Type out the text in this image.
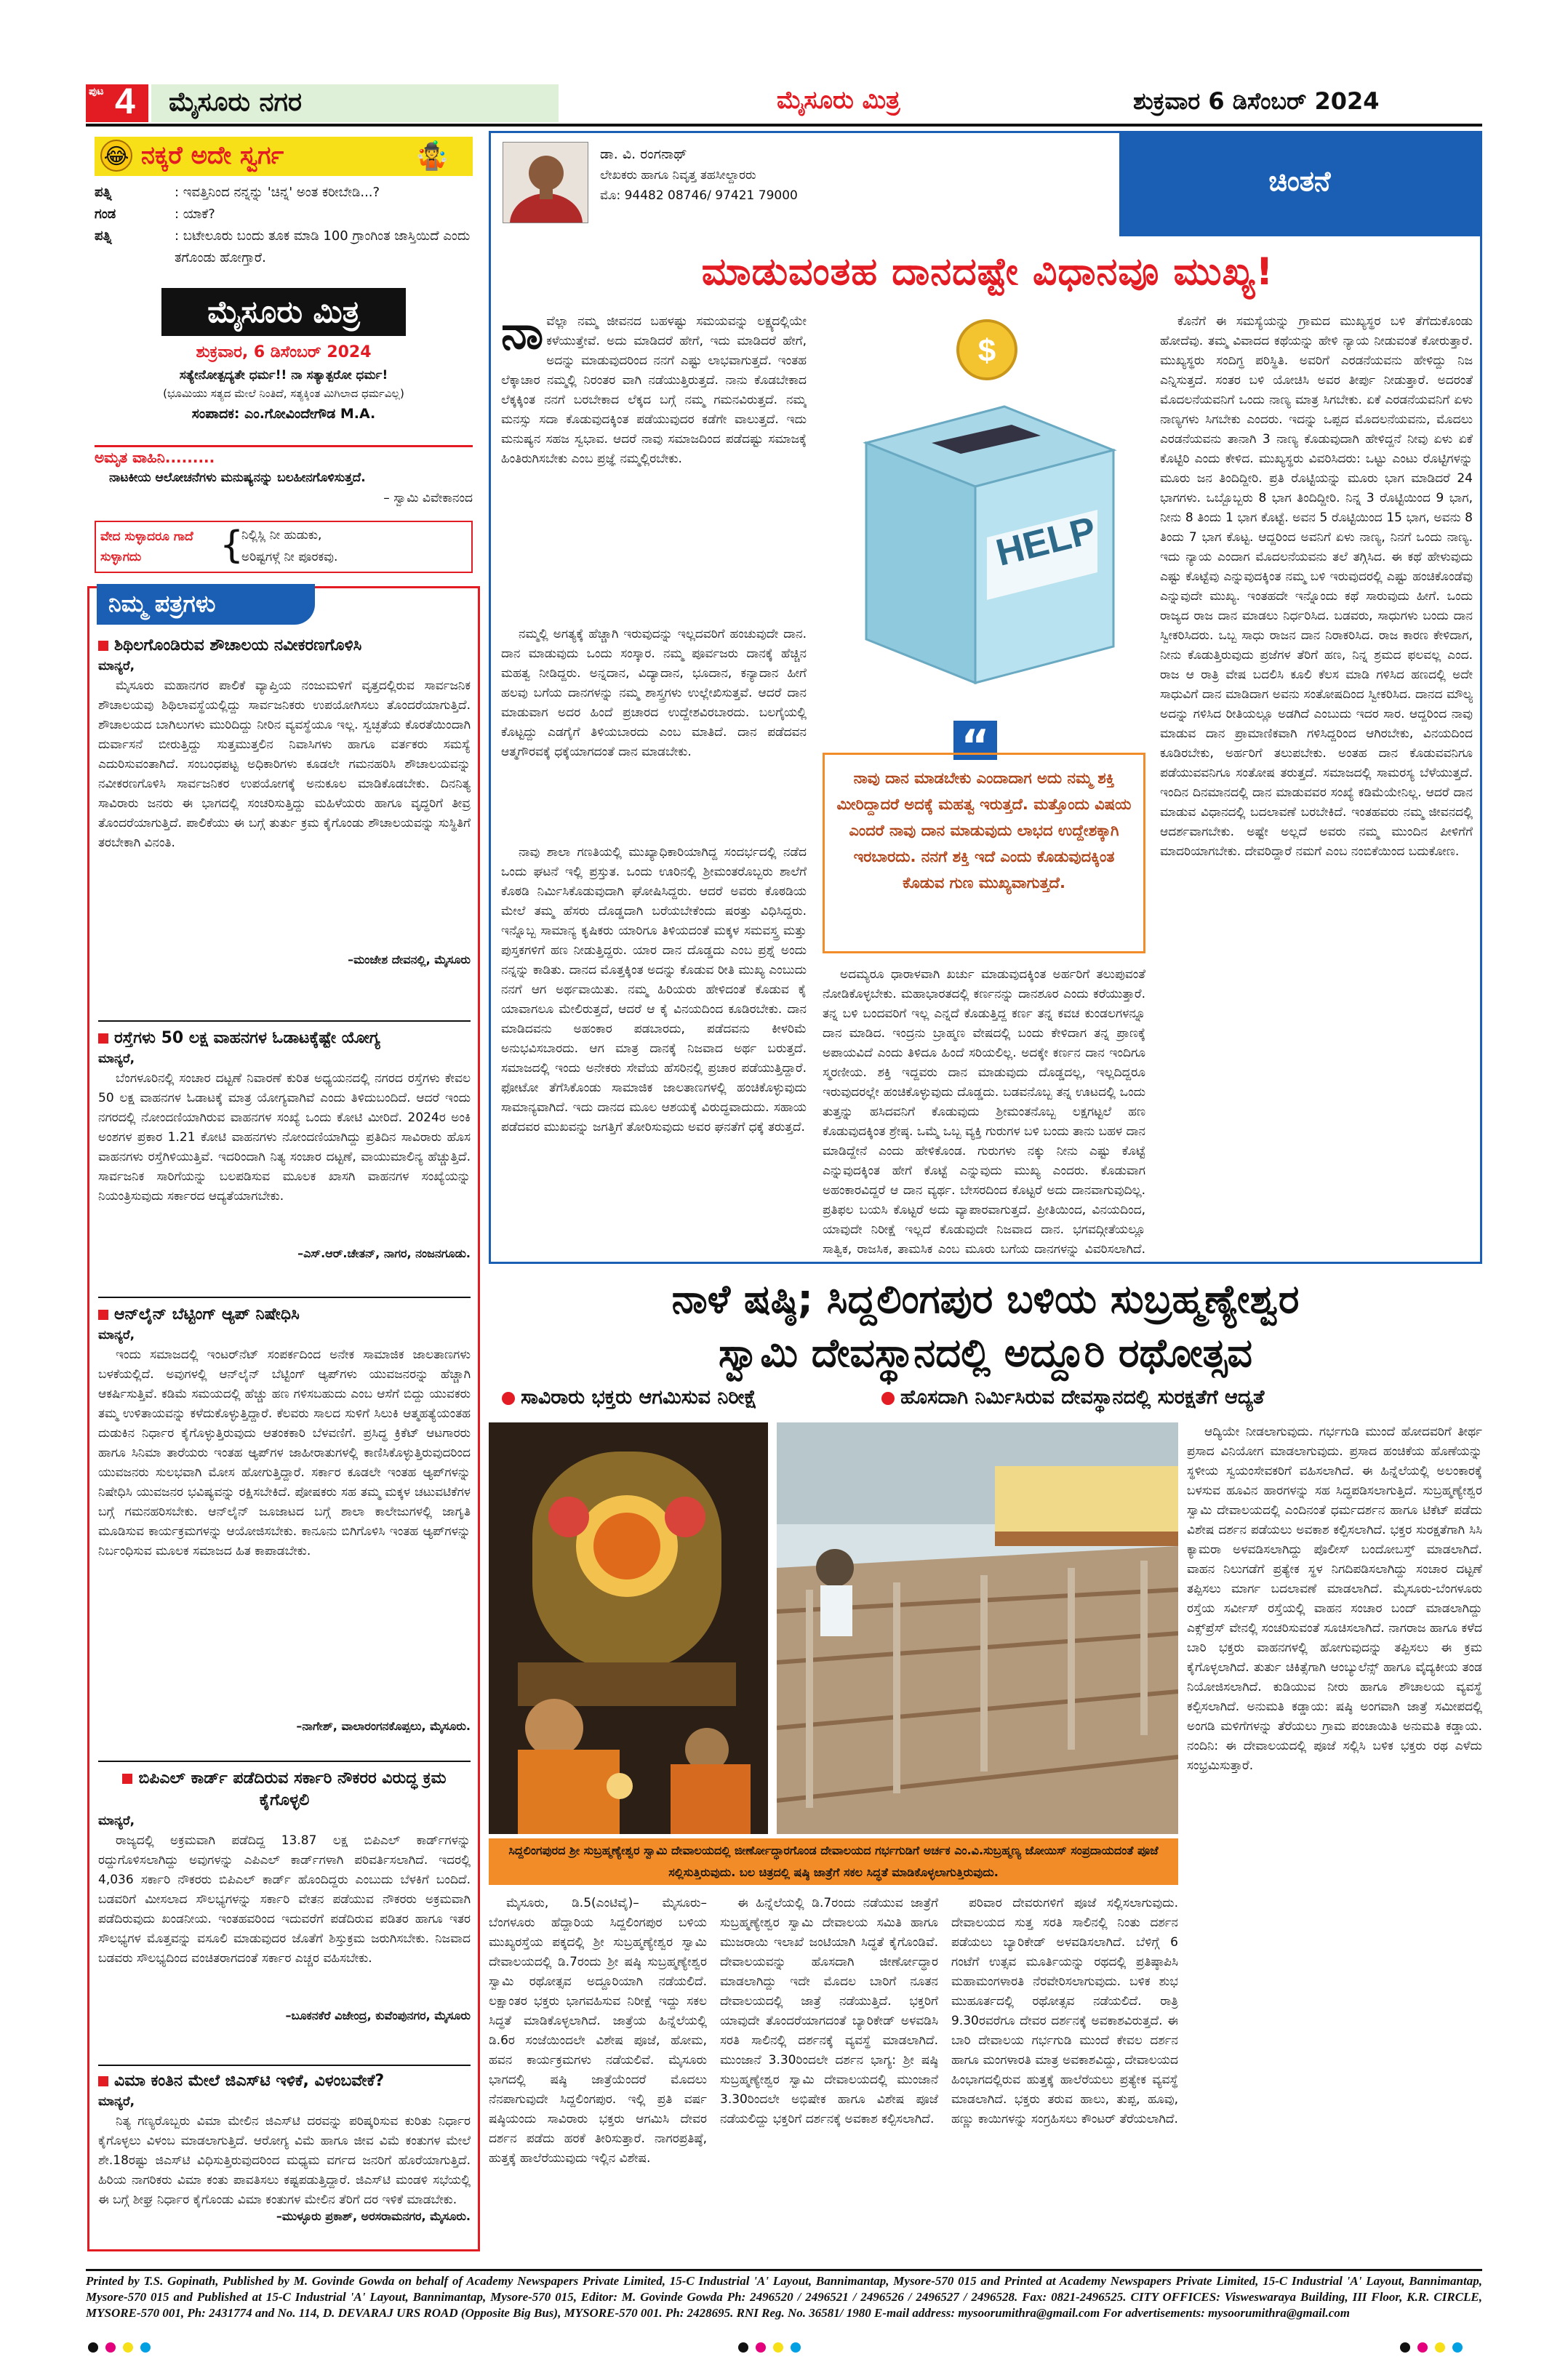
ಪುಟ 4 ಮೈಸೂರು ನಗರ	ಮೈಸೂರು ಮಿತ್ರ	ಶುಕ್ರವಾರ 6 ಡಿಸೆಂಬರ್ 2024
😂 ನಕ್ಕರೆ ಅದೇ ಸ್ವರ್ಗ	🤹
ಪತ್ನಿ	: ಇವತ್ತಿನಿಂದ ನನ್ನನ್ನು 'ಚಿನ್ನ' ಅಂತ ಕರೀಬೇಡಿ...?
ಗಂಡ	: ಯಾಕೆ?
ಪತ್ನಿ	: ಬಟೇಲೂರು ಬಂದು ತೂಕ ಮಾಡಿ 100 ಗ್ರಾಂಗಿಂತ ಜಾಸ್ತಿಯಿದೆ ಎಂದು ತಗೊಂಡು ಹೋಗ್ತಾರೆ.
ಮೈಸೂರು ಮಿತ್ರ
ಶುಕ್ರವಾರ, 6 ಡಿಸೆಂಬರ್ 2024
ಸತ್ಯೇನೋತ್ಪದ್ಯತೇ ಧರ್ಮ!! ನಾ ಸತ್ಯಾತ್ಪರೋ ಧರ್ಮ!
(ಭೂಮಿಯು ಸತ್ಯದ ಮೇಲೆ ನಿಂತಿದೆ, ಸತ್ಯಕ್ಕಿಂತ ಮಿಗಿಲಾದ ಧರ್ಮವಿಲ್ಲ)
ಸಂಪಾದಕ: ಎಂ.ಗೋವಿಂದೇಗೌಡ M.A.
ಅಮೃತ ವಾಹಿನಿ.........
ನಾಟಕೀಯ ಆಲೋಚನೆಗಳು ಮನುಷ್ಯನನ್ನು ಬಲಹೀನಗೊಳಿಸುತ್ತದೆ.
– ಸ್ವಾಮಿ ವಿವೇಕಾನಂದ
ವೇದ ಸುಳ್ಳಾದರೂ ಗಾದೆ ಸುಳ್ಳಾಗದು	{
ನಿಲ್ಲಿಸ್ಲಿ ನೀ ಹುಡುಕು,
ಅರಿಷ್ಟಗಳ್ಗೆ ನೀ ಪೂರಕವು.
ನಿಮ್ಮ ಪತ್ರಗಳು
ಶಿಥಿಲಗೊಂಡಿರುವ ಶೌಚಾಲಯ ನವೀಕರಣಗೊಳಿಸಿ
ಮಾನ್ಯರೆ,
ಮೈಸೂರು ಮಹಾನಗರ ಪಾಲಿಕೆ ವ್ಯಾಪ್ತಿಯ ನಂಜುಮಳಿಗೆ ವೃತ್ತದಲ್ಲಿರುವ ಸಾರ್ವಜನಿಕ ಶೌಚಾಲಯವು ಶಿಥಿಲಾವಸ್ಥೆಯಲ್ಲಿದ್ದು ಸಾರ್ವಜನಿಕರು ಉಪಯೋಗಿಸಲು ತೊಂದರೆಯಾಗುತ್ತಿದೆ. ಶೌಚಾಲಯದ ಬಾಗಿಲುಗಳು ಮುರಿದಿದ್ದು ನೀರಿನ ವ್ಯವಸ್ಥೆಯೂ ಇಲ್ಲ. ಸ್ವಚ್ಛತೆಯ ಕೊರತೆಯಿಂದಾಗಿ ದುರ್ವಾಸನೆ ಬೀರುತ್ತಿದ್ದು ಸುತ್ತಮುತ್ತಲಿನ ನಿವಾಸಿಗಳು ಹಾಗೂ ವರ್ತಕರು ಸಮಸ್ಯೆ ಎದುರಿಸುವಂತಾಗಿದೆ. ಸಂಬಂಧಪಟ್ಟ ಅಧಿಕಾರಿಗಳು ಕೂಡಲೇ ಗಮನಹರಿಸಿ ಶೌಚಾಲಯವನ್ನು ನವೀಕರಣಗೊಳಿಸಿ ಸಾರ್ವಜನಿಕರ ಉಪಯೋಗಕ್ಕೆ ಅನುಕೂಲ ಮಾಡಿಕೊಡಬೇಕು. ದಿನನಿತ್ಯ ಸಾವಿರಾರು ಜನರು ಈ ಭಾಗದಲ್ಲಿ ಸಂಚರಿಸುತ್ತಿದ್ದು ಮಹಿಳೆಯರು ಹಾಗೂ ವೃದ್ಧರಿಗೆ ತೀವ್ರ ತೊಂದರೆಯಾಗುತ್ತಿದೆ. ಪಾಲಿಕೆಯು ಈ ಬಗ್ಗೆ ತುರ್ತು ಕ್ರಮ ಕೈಗೊಂಡು ಶೌಚಾಲಯವನ್ನು ಸುಸ್ಥಿತಿಗೆ ತರಬೇಕಾಗಿ ವಿನಂತಿ.
–ಮಂಜೇಶ ದೇವನಲ್ಲಿ, ಮೈಸೂರು
ರಸ್ತೆಗಳು 50 ಲಕ್ಷ ವಾಹನಗಳ ಓಡಾಟಕ್ಕೆಷ್ಟೇ ಯೋಗ್ಯ
ಮಾನ್ಯರೆ,
ಬೆಂಗಳೂರಿನಲ್ಲಿ ಸಂಚಾರ ದಟ್ಟಣೆ ನಿವಾರಣೆ ಕುರಿತ ಅಧ್ಯಯನದಲ್ಲಿ ನಗರದ ರಸ್ತೆಗಳು ಕೇವಲ 50 ಲಕ್ಷ ವಾಹನಗಳ ಓಡಾಟಕ್ಕೆ ಮಾತ್ರ ಯೋಗ್ಯವಾಗಿವೆ ಎಂದು ತಿಳಿದುಬಂದಿದೆ. ಆದರೆ ಇಂದು ನಗರದಲ್ಲಿ ನೋಂದಣಿಯಾಗಿರುವ ವಾಹನಗಳ ಸಂಖ್ಯೆ ಒಂದು ಕೋಟಿ ಮೀರಿದೆ. 2024ರ ಅಂಕಿ ಅಂಶಗಳ ಪ್ರಕಾರ 1.21 ಕೋಟಿ ವಾಹನಗಳು ನೋಂದಣಿಯಾಗಿದ್ದು ಪ್ರತಿದಿನ ಸಾವಿರಾರು ಹೊಸ ವಾಹನಗಳು ರಸ್ತೆಗಿಳಿಯುತ್ತಿವೆ. ಇದರಿಂದಾಗಿ ನಿತ್ಯ ಸಂಚಾರ ದಟ್ಟಣೆ, ವಾಯುಮಾಲಿನ್ಯ ಹೆಚ್ಚುತ್ತಿದೆ. ಸಾರ್ವಜನಿಕ ಸಾರಿಗೆಯನ್ನು ಬಲಪಡಿಸುವ ಮೂಲಕ ಖಾಸಗಿ ವಾಹನಗಳ ಸಂಖ್ಯೆಯನ್ನು ನಿಯಂತ್ರಿಸುವುದು ಸರ್ಕಾರದ ಆದ್ಯತೆಯಾಗಬೇಕು.
–ಎಸ್.ಆರ್.ಚೇತನ್, ನಾಗರ, ನಂಜನಗೂಡು.
ಆನ್‌ಲೈನ್ ಬೆಟ್ಟಿಂಗ್ ಆ್ಯಪ್ ನಿಷೇಧಿಸಿ
ಮಾನ್ಯರೆ,
ಇಂದು ಸಮಾಜದಲ್ಲಿ ಇಂಟರ್‌ನೆಟ್ ಸಂಪರ್ಕದಿಂದ ಅನೇಕ ಸಾಮಾಜಿಕ ಜಾಲತಾಣಗಳು ಬಳಕೆಯಲ್ಲಿದೆ. ಅವುಗಳಲ್ಲಿ ಆನ್‌ಲೈನ್ ಬೆಟ್ಟಿಂಗ್ ಆ್ಯಪ್‌ಗಳು ಯುವಜನರನ್ನು ಹೆಚ್ಚಾಗಿ ಆಕರ್ಷಿಸುತ್ತಿವೆ. ಕಡಿಮೆ ಸಮಯದಲ್ಲಿ ಹೆಚ್ಚು ಹಣ ಗಳಿಸಬಹುದು ಎಂಬ ಆಸೆಗೆ ಬಿದ್ದು ಯುವಕರು ತಮ್ಮ ಉಳಿತಾಯವನ್ನು ಕಳೆದುಕೊಳ್ಳುತ್ತಿದ್ದಾರೆ. ಕೆಲವರು ಸಾಲದ ಸುಳಿಗೆ ಸಿಲುಕಿ ಆತ್ಮಹತ್ಯೆಯಂತಹ ದುಡುಕಿನ ನಿರ್ಧಾರ ಕೈಗೊಳ್ಳುತ್ತಿರುವುದು ಆತಂಕಕಾರಿ ಬೆಳವಣಿಗೆ. ಪ್ರಸಿದ್ಧ ಕ್ರಿಕೆಟ್ ಆಟಗಾರರು ಹಾಗೂ ಸಿನಿಮಾ ತಾರೆಯರು ಇಂತಹ ಆ್ಯಪ್‌ಗಳ ಜಾಹೀರಾತುಗಳಲ್ಲಿ ಕಾಣಿಸಿಕೊಳ್ಳುತ್ತಿರುವುದರಿಂದ ಯುವಜನರು ಸುಲಭವಾಗಿ ಮೋಸ ಹೋಗುತ್ತಿದ್ದಾರೆ. ಸರ್ಕಾರ ಕೂಡಲೇ ಇಂತಹ ಆ್ಯಪ್‌ಗಳನ್ನು ನಿಷೇಧಿಸಿ ಯುವಜನರ ಭವಿಷ್ಯವನ್ನು ರಕ್ಷಿಸಬೇಕಿದೆ. ಪೋಷಕರು ಸಹ ತಮ್ಮ ಮಕ್ಕಳ ಚಟುವಟಿಕೆಗಳ ಬಗ್ಗೆ ಗಮನಹರಿಸಬೇಕು. ಆನ್‌ಲೈನ್ ಜೂಜಾಟದ ಬಗ್ಗೆ ಶಾಲಾ ಕಾಲೇಜುಗಳಲ್ಲಿ ಜಾಗೃತಿ ಮೂಡಿಸುವ ಕಾರ್ಯಕ್ರಮಗಳನ್ನು ಆಯೋಜಿಸಬೇಕು. ಕಾನೂನು ಬಿಗಿಗೊಳಿಸಿ ಇಂತಹ ಆ್ಯಪ್‌ಗಳನ್ನು ನಿರ್ಬಂಧಿಸುವ ಮೂಲಕ ಸಮಾಜದ ಹಿತ ಕಾಪಾಡಬೇಕು.
–ನಾಗೇಶ್, ವಾಲಾರಂಗನಕೊಪ್ಪಲು, ಮೈಸೂರು.
ಬಿಪಿಎಲ್ ಕಾರ್ಡ್ ಪಡೆದಿರುವ ಸರ್ಕಾರಿ ನೌಕರರ ವಿರುದ್ಧ ಕ್ರಮ ಕೈಗೊಳ್ಳಲಿ
ಮಾನ್ಯರೆ,
ರಾಜ್ಯದಲ್ಲಿ ಅಕ್ರಮವಾಗಿ ಪಡೆದಿದ್ದ 13.87 ಲಕ್ಷ ಬಿಪಿಎಲ್ ಕಾರ್ಡ್‌ಗಳನ್ನು ರದ್ದುಗೊಳಿಸಲಾಗಿದ್ದು ಅವುಗಳನ್ನು ಎಪಿಎಲ್ ಕಾರ್ಡ್‌ಗಳಾಗಿ ಪರಿವರ್ತಿಸಲಾಗಿದೆ. ಇದರಲ್ಲಿ 4,036 ಸರ್ಕಾರಿ ನೌಕರರು ಬಿಪಿಎಲ್ ಕಾರ್ಡ್ ಹೊಂದಿದ್ದರು ಎಂಬುದು ಬೆಳಕಿಗೆ ಬಂದಿದೆ. ಬಡವರಿಗೆ ಮೀಸಲಾದ ಸೌಲಭ್ಯಗಳನ್ನು ಸರ್ಕಾರಿ ವೇತನ ಪಡೆಯುವ ನೌಕರರು ಅಕ್ರಮವಾಗಿ ಪಡೆದಿರುವುದು ಖಂಡನೀಯ. ಇಂತಹವರಿಂದ ಇದುವರೆಗೆ ಪಡೆದಿರುವ ಪಡಿತರ ಹಾಗೂ ಇತರ ಸೌಲಭ್ಯಗಳ ಮೊತ್ತವನ್ನು ವಸೂಲಿ ಮಾಡುವುದರ ಜೊತೆಗೆ ಶಿಸ್ತುಕ್ರಮ ಜರುಗಿಸಬೇಕು. ನಿಜವಾದ ಬಡವರು ಸೌಲಭ್ಯದಿಂದ ವಂಚಿತರಾಗದಂತೆ ಸರ್ಕಾರ ಎಚ್ಚರ ವಹಿಸಬೇಕು.
–ಬೂಕನಕೆರೆ ವಿಜೇಂದ್ರ, ಕುವೆಂಪುನಗರ, ಮೈಸೂರು
ವಿಮಾ ಕಂತಿನ ಮೇಲೆ ಜಿಎಸ್‌ಟಿ ಇಳಿಕೆ, ವಿಳಂಬವೇಕೆ?
ಮಾನ್ಯರೆ,
ನಿತ್ಯ ಗಣ್ಯರೊಬ್ಬರು ವಿಮಾ ಮೇಲಿನ ಜಿಎಸ್‌ಟಿ ದರವನ್ನು ಪರಿಷ್ಕರಿಸುವ ಕುರಿತು ನಿರ್ಧಾರ ಕೈಗೊಳ್ಳಲು ವಿಳಂಬ ಮಾಡಲಾಗುತ್ತಿದೆ. ಆರೋಗ್ಯ ವಿಮೆ ಹಾಗೂ ಜೀವ ವಿಮೆ ಕಂತುಗಳ ಮೇಲೆ ಶೇ.18ರಷ್ಟು ಜಿಎಸ್‌ಟಿ ವಿಧಿಸುತ್ತಿರುವುದರಿಂದ ಮಧ್ಯಮ ವರ್ಗದ ಜನರಿಗೆ ಹೊರೆಯಾಗುತ್ತಿದೆ. ಹಿರಿಯ ನಾಗರಿಕರು ವಿಮಾ ಕಂತು ಪಾವತಿಸಲು ಕಷ್ಟಪಡುತ್ತಿದ್ದಾರೆ. ಜಿಎಸ್‌ಟಿ ಮಂಡಳಿ ಸಭೆಯಲ್ಲಿ ಈ ಬಗ್ಗೆ ಶೀಘ್ರ ನಿರ್ಧಾರ ಕೈಗೊಂಡು ವಿಮಾ ಕಂತುಗಳ ಮೇಲಿನ ತೆರಿಗೆ ದರ ಇಳಿಕೆ ಮಾಡಬೇಕು.
–ಮುಳ್ಳೂರು ಪ್ರಕಾಶ್, ಅರಸರಾಮನಗರ, ಮೈಸೂರು.
ಡಾ. ವಿ. ರಂಗನಾಥ್
ಲೇಖಕರು ಹಾಗೂ ನಿವೃತ್ತ ತಹಸೀಲ್ದಾರರು
ಮೊ: 94482 08746/ 97421 79000	ಚಿಂತನೆ
ಮಾಡುವಂತಹ ದಾನದಷ್ಟೇ ವಿಧಾನವೂ ಮುಖ್ಯ!
ನಾ ವೆಲ್ಲಾ ನಮ್ಮ ಜೀವನದ ಬಹಳಷ್ಟು ಸಮಯವನ್ನು ಲಕ್ಷ್ಯದಲ್ಲಿಯೇ ಕಳೆಯುತ್ತೇವೆ. ಅದು ಮಾಡಿದರೆ ಹೇಗೆ, ಇದು ಮಾಡಿದರೆ ಹೇಗೆ, ಅದನ್ನು ಮಾಡುವುದರಿಂದ ನನಗೆ ಎಷ್ಟು ಲಾಭವಾಗುತ್ತದೆ. ಇಂತಹ ಲೆಕ್ಕಾಚಾರ ನಮ್ಮಲ್ಲಿ ನಿರಂತರ ವಾಗಿ ನಡೆಯುತ್ತಿರುತ್ತದೆ. ನಾನು ಕೊಡಬೇಕಾದ ಲೆಕ್ಕಕ್ಕಿಂತ ನನಗೆ ಬರಬೇಕಾದ ಲೆಕ್ಕದ ಬಗ್ಗೆ ನಮ್ಮ ಗಮನವಿರುತ್ತದೆ. ನಮ್ಮ ಮನಸ್ಸು ಸದಾ ಕೊಡುವುದಕ್ಕಿಂತ ಪಡೆಯುವುದರ ಕಡೆಗೇ ವಾಲುತ್ತದೆ. ಇದು ಮನುಷ್ಯನ ಸಹಜ ಸ್ವಭಾವ. ಆದರೆ ನಾವು ಸಮಾಜದಿಂದ ಪಡೆದಷ್ಟು ಸಮಾಜಕ್ಕೆ ಹಿಂತಿರುಗಿಸಬೇಕು ಎಂಬ ಪ್ರಜ್ಞೆ ನಮ್ಮಲ್ಲಿರಬೇಕು.
ನಮ್ಮಲ್ಲಿ ಅಗತ್ಯಕ್ಕೆ ಹೆಚ್ಚಾಗಿ ಇರುವುದನ್ನು ಇಲ್ಲದವರಿಗೆ ಹಂಚುವುದೇ ದಾನ. ದಾನ ಮಾಡುವುದು ಒಂದು ಸಂಸ್ಕಾರ. ನಮ್ಮ ಪೂರ್ವಜರು ದಾನಕ್ಕೆ ಹೆಚ್ಚಿನ ಮಹತ್ವ ನೀಡಿದ್ದರು. ಅನ್ನದಾನ, ವಿದ್ಯಾದಾನ, ಭೂದಾನ, ಕನ್ಯಾದಾನ ಹೀಗೆ ಹಲವು ಬಗೆಯ ದಾನಗಳನ್ನು ನಮ್ಮ ಶಾಸ್ತ್ರಗಳು ಉಲ್ಲೇಖಿಸುತ್ತವೆ. ಆದರೆ ದಾನ ಮಾಡುವಾಗ ಅದರ ಹಿಂದೆ ಪ್ರಚಾರದ ಉದ್ದೇಶವಿರಬಾರದು. ಬಲಗೈಯಲ್ಲಿ ಕೊಟ್ಟದ್ದು ಎಡಗೈಗೆ ತಿಳಿಯಬಾರದು ಎಂಬ ಮಾತಿದೆ. ದಾನ ಪಡೆದವನ ಆತ್ಮಗೌರವಕ್ಕೆ ಧಕ್ಕೆಯಾಗದಂತೆ ದಾನ ಮಾಡಬೇಕು.
ನಾವು ಶಾಲಾ ಗಣತಿಯಲ್ಲಿ ಮುಖ್ಯಾಧಿಕಾರಿಯಾಗಿದ್ದ ಸಂದರ್ಭದಲ್ಲಿ ನಡೆದ ಒಂದು ಘಟನೆ ಇಲ್ಲಿ ಪ್ರಸ್ತುತ. ಒಂದು ಊರಿನಲ್ಲಿ ಶ್ರೀಮಂತರೊಬ್ಬರು ಶಾಲೆಗೆ ಕೊಠಡಿ ನಿರ್ಮಿಸಿಕೊಡುವುದಾಗಿ ಘೋಷಿಸಿದ್ದರು. ಆದರೆ ಅವರು ಕೊಠಡಿಯ ಮೇಲೆ ತಮ್ಮ ಹೆಸರು ದೊಡ್ಡದಾಗಿ ಬರೆಯಬೇಕೆಂದು ಷರತ್ತು ವಿಧಿಸಿದ್ದರು. ಇನ್ನೊಬ್ಬ ಸಾಮಾನ್ಯ ಕೃಷಿಕರು ಯಾರಿಗೂ ತಿಳಿಯದಂತೆ ಮಕ್ಕಳ ಸಮವಸ್ತ್ರ ಮತ್ತು ಪುಸ್ತಕಗಳಿಗೆ ಹಣ ನೀಡುತ್ತಿದ್ದರು. ಯಾರ ದಾನ ದೊಡ್ಡದು ಎಂಬ ಪ್ರಶ್ನೆ ಅಂದು ನನ್ನನ್ನು ಕಾಡಿತು. ದಾನದ ಮೊತ್ತಕ್ಕಿಂತ ಅದನ್ನು ಕೊಡುವ ರೀತಿ ಮುಖ್ಯ ಎಂಬುದು ನನಗೆ ಆಗ ಅರ್ಥವಾಯಿತು. ನಮ್ಮ ಹಿರಿಯರು ಹೇಳಿದಂತೆ ಕೊಡುವ ಕೈ ಯಾವಾಗಲೂ ಮೇಲಿರುತ್ತದೆ, ಆದರೆ ಆ ಕೈ ವಿನಯದಿಂದ ಕೂಡಿರಬೇಕು. ದಾನ ಮಾಡಿದವನು ಅಹಂಕಾರ ಪಡಬಾರದು, ಪಡೆದವನು ಕೀಳರಿಮೆ ಅನುಭವಿಸಬಾರದು. ಆಗ ಮಾತ್ರ ದಾನಕ್ಕೆ ನಿಜವಾದ ಅರ್ಥ ಬರುತ್ತದೆ. ಸಮಾಜದಲ್ಲಿ ಇಂದು ಅನೇಕರು ಸೇವೆಯ ಹೆಸರಿನಲ್ಲಿ ಪ್ರಚಾರ ಪಡೆಯುತ್ತಿದ್ದಾರೆ. ಫೋಟೋ ತೆಗೆಸಿಕೊಂಡು ಸಾಮಾಜಿಕ ಜಾಲತಾಣಗಳಲ್ಲಿ ಹಂಚಿಕೊಳ್ಳುವುದು ಸಾಮಾನ್ಯವಾಗಿದೆ. ಇದು ದಾನದ ಮೂಲ ಆಶಯಕ್ಕೆ ವಿರುದ್ಧವಾದುದು. ಸಹಾಯ ಪಡೆದವರ ಮುಖವನ್ನು ಜಗತ್ತಿಗೆ ತೋರಿಸುವುದು ಅವರ ಘನತೆಗೆ ಧಕ್ಕೆ ತರುತ್ತದೆ.
$
HELP
“
ನಾವು ದಾನ ಮಾಡಬೇಕು ಎಂದಾದಾಗ ಅದು ನಮ್ಮ ಶಕ್ತಿ ಮೀರಿದ್ದಾದರೆ ಅದಕ್ಕೆ ಮಹತ್ವ ಇರುತ್ತದೆ. ಮತ್ತೊಂದು ವಿಷಯ ಎಂದರೆ ನಾವು ದಾನ ಮಾಡುವುದು ಲಾಭದ ಉದ್ದೇಶಕ್ಕಾಗಿ ಇರಬಾರದು. ನನಗೆ ಶಕ್ತಿ ಇದೆ ಎಂದು ಕೊಡುವುದಕ್ಕಿಂತ ಕೊಡುವ ಗುಣ ಮುಖ್ಯವಾಗುತ್ತದೆ.
ಅದಮ್ಯರೂ ಧಾರಾಳವಾಗಿ ಖರ್ಚು ಮಾಡುವುದಕ್ಕಿಂತ ಅರ್ಹರಿಗೆ ತಲುಪುವಂತೆ ನೋಡಿಕೊಳ್ಳಬೇಕು. ಮಹಾಭಾರತದಲ್ಲಿ ಕರ್ಣನನ್ನು ದಾನಶೂರ ಎಂದು ಕರೆಯುತ್ತಾರೆ. ತನ್ನ ಬಳಿ ಬಂದವರಿಗೆ ಇಲ್ಲ ಎನ್ನದೆ ಕೊಡುತ್ತಿದ್ದ ಕರ್ಣ ತನ್ನ ಕವಚ ಕುಂಡಲಗಳನ್ನೂ ದಾನ ಮಾಡಿದ. ಇಂದ್ರನು ಬ್ರಾಹ್ಮಣ ವೇಷದಲ್ಲಿ ಬಂದು ಕೇಳಿದಾಗ ತನ್ನ ಪ್ರಾಣಕ್ಕೆ ಅಪಾಯವಿದೆ ಎಂದು ತಿಳಿದೂ ಹಿಂದೆ ಸರಿಯಲಿಲ್ಲ. ಅದಕ್ಕೇ ಕರ್ಣನ ದಾನ ಇಂದಿಗೂ ಸ್ಮರಣೀಯ. ಶಕ್ತಿ ಇದ್ದವರು ದಾನ ಮಾಡುವುದು ದೊಡ್ಡದಲ್ಲ, ಇಲ್ಲದಿದ್ದರೂ ಇರುವುದರಲ್ಲೇ ಹಂಚಿಕೊಳ್ಳುವುದು ದೊಡ್ಡದು. ಬಡವನೊಬ್ಬ ತನ್ನ ಊಟದಲ್ಲಿ ಒಂದು ತುತ್ತನ್ನು ಹಸಿದವನಿಗೆ ಕೊಡುವುದು ಶ್ರೀಮಂತನೊಬ್ಬ ಲಕ್ಷಗಟ್ಟಲೆ ಹಣ ಕೊಡುವುದಕ್ಕಿಂತ ಶ್ರೇಷ್ಠ. ಒಮ್ಮೆ ಒಬ್ಬ ವ್ಯಕ್ತಿ ಗುರುಗಳ ಬಳಿ ಬಂದು ತಾನು ಬಹಳ ದಾನ ಮಾಡಿದ್ದೇನೆ ಎಂದು ಹೇಳಿಕೊಂಡ. ಗುರುಗಳು ನಕ್ಕು ನೀನು ಎಷ್ಟು ಕೊಟ್ಟೆ ಎನ್ನುವುದಕ್ಕಿಂತ ಹೇಗೆ ಕೊಟ್ಟೆ ಎನ್ನುವುದು ಮುಖ್ಯ ಎಂದರು. ಕೊಡುವಾಗ ಅಹಂಕಾರವಿದ್ದರೆ ಆ ದಾನ ವ್ಯರ್ಥ. ಬೇಸರದಿಂದ ಕೊಟ್ಟರೆ ಅದು ದಾನವಾಗುವುದಿಲ್ಲ. ಪ್ರತಿಫಲ ಬಯಸಿ ಕೊಟ್ಟರೆ ಅದು ವ್ಯಾಪಾರವಾಗುತ್ತದೆ. ಪ್ರೀತಿಯಿಂದ, ವಿನಯದಿಂದ, ಯಾವುದೇ ನಿರೀಕ್ಷೆ ಇಲ್ಲದೆ ಕೊಡುವುದೇ ನಿಜವಾದ ದಾನ. ಭಗವದ್ಗೀತೆಯಲ್ಲೂ ಸಾತ್ವಿಕ, ರಾಜಸಿಕ, ತಾಮಸಿಕ ಎಂಬ ಮೂರು ಬಗೆಯ ದಾನಗಳನ್ನು ವಿವರಿಸಲಾಗಿದೆ.
ಕೊನೆಗೆ ಈ ಸಮಸ್ಯೆಯನ್ನು ಗ್ರಾಮದ ಮುಖ್ಯಸ್ಥರ ಬಳಿ ತೆಗೆದುಕೊಂಡು ಹೋದೆವು. ತಮ್ಮ ವಿವಾದದ ಕಥೆಯನ್ನು ಹೇಳಿ ನ್ಯಾಯ ನೀಡುವಂತೆ ಕೋರುತ್ತಾರೆ. ಮುಖ್ಯಸ್ಥರು ಸಂದಿಗ್ಧ ಪರಿಸ್ಥಿತಿ. ಅವರಿಗೆ ಎರಡನೆಯವನು ಹೇಳಿದ್ದು ನಿಜ ಎನ್ನಿಸುತ್ತದೆ. ಸಂತರ ಬಳಿ ಯೋಚಿಸಿ ಅವರ ತೀರ್ಪು ನೀಡುತ್ತಾರೆ. ಅದರಂತೆ ಮೊದಲನೆಯವನಿಗೆ ಒಂದು ನಾಣ್ಯ ಮಾತ್ರ ಸಿಗಬೇಕು. ಏಕೆ ಎರಡನೆಯವನಿಗೆ ಏಳು ನಾಣ್ಯಗಳು ಸಿಗಬೇಕು ಎಂದರು. ಇದನ್ನು ಒಪ್ಪದ ಮೊದಲನೆಯವನು, ಮೊದಲು ಎರಡನೆಯವನು ತಾನಾಗಿ 3 ನಾಣ್ಯ ಕೊಡುವುದಾಗಿ ಹೇಳಿದ್ದನೆ ನೀವು ಏಳು ಏಕೆ ಕೊಟ್ಟಿರಿ ಎಂದು ಕೇಳಿದ. ಮುಖ್ಯಸ್ಥರು ವಿವರಿಸಿದರು: ಒಟ್ಟು ಎಂಟು ರೊಟ್ಟಿಗಳನ್ನು ಮೂರು ಜನ ತಿಂದಿದ್ದೀರಿ. ಪ್ರತಿ ರೊಟ್ಟಿಯನ್ನು ಮೂರು ಭಾಗ ಮಾಡಿದರೆ 24 ಭಾಗಗಳು. ಒಬ್ಬೊಬ್ಬರು 8 ಭಾಗ ತಿಂದಿದ್ದೀರಿ. ನಿನ್ನ 3 ರೊಟ್ಟಿಯಿಂದ 9 ಭಾಗ, ನೀನು 8 ತಿಂದು 1 ಭಾಗ ಕೊಟ್ಟೆ. ಅವನ 5 ರೊಟ್ಟಿಯಿಂದ 15 ಭಾಗ, ಅವನು 8 ತಿಂದು 7 ಭಾಗ ಕೊಟ್ಟ. ಆದ್ದರಿಂದ ಅವನಿಗೆ ಏಳು ನಾಣ್ಯ, ನಿನಗೆ ಒಂದು ನಾಣ್ಯ. ಇದು ನ್ಯಾಯ ಎಂದಾಗ ಮೊದಲನೆಯವನು ತಲೆ ತಗ್ಗಿಸಿದ. ಈ ಕಥೆ ಹೇಳುವುದು ಎಷ್ಟು ಕೊಟ್ಟೆವು ಎನ್ನುವುದಕ್ಕಿಂತ ನಮ್ಮ ಬಳಿ ಇರುವುದರಲ್ಲಿ ಎಷ್ಟು ಹಂಚಿಕೊಂಡೆವು ಎನ್ನುವುದೇ ಮುಖ್ಯ. ಇಂತಹದೇ ಇನ್ನೊಂದು ಕಥೆ ಸಾರುವುದು ಹೀಗೆ. ಒಂದು ರಾಜ್ಯದ ರಾಜ ದಾನ ಮಾಡಲು ನಿರ್ಧರಿಸಿದ. ಬಡವರು, ಸಾಧುಗಳು ಬಂದು ದಾನ ಸ್ವೀಕರಿಸಿದರು. ಒಬ್ಬ ಸಾಧು ರಾಜನ ದಾನ ನಿರಾಕರಿಸಿದ. ರಾಜ ಕಾರಣ ಕೇಳಿದಾಗ, ನೀನು ಕೊಡುತ್ತಿರುವುದು ಪ್ರಜೆಗಳ ತೆರಿಗೆ ಹಣ, ನಿನ್ನ ಶ್ರಮದ ಫಲವಲ್ಲ ಎಂದ. ರಾಜ ಆ ರಾತ್ರಿ ವೇಷ ಬದಲಿಸಿ ಕೂಲಿ ಕೆಲಸ ಮಾಡಿ ಗಳಿಸಿದ ಹಣದಲ್ಲಿ ಅದೇ ಸಾಧುವಿಗೆ ದಾನ ಮಾಡಿದಾಗ ಅವನು ಸಂತೋಷದಿಂದ ಸ್ವೀಕರಿಸಿದ. ದಾನದ ಮೌಲ್ಯ ಅದನ್ನು ಗಳಿಸಿದ ರೀತಿಯಲ್ಲೂ ಅಡಗಿದೆ ಎಂಬುದು ಇದರ ಸಾರ. ಆದ್ದರಿಂದ ನಾವು ಮಾಡುವ ದಾನ ಪ್ರಾಮಾಣಿಕವಾಗಿ ಗಳಿಸಿದ್ದರಿಂದ ಆಗಿರಬೇಕು, ವಿನಯದಿಂದ ಕೂಡಿರಬೇಕು, ಅರ್ಹರಿಗೆ ತಲುಪಬೇಕು. ಅಂತಹ ದಾನ ಕೊಡುವವನಿಗೂ ಪಡೆಯುವವನಿಗೂ ಸಂತೋಷ ತರುತ್ತದೆ. ಸಮಾಜದಲ್ಲಿ ಸಾಮರಸ್ಯ ಬೆಳೆಯುತ್ತದೆ. ಇಂದಿನ ದಿನಮಾನದಲ್ಲಿ ದಾನ ಮಾಡುವವರ ಸಂಖ್ಯೆ ಕಡಿಮೆಯೇನಿಲ್ಲ. ಆದರೆ ದಾನ ಮಾಡುವ ವಿಧಾನದಲ್ಲಿ ಬದಲಾವಣೆ ಬರಬೇಕಿದೆ. ಇಂತಹವರು ನಮ್ಮ ಜೀವನದಲ್ಲಿ ಆದರ್ಶವಾಗಬೇಕು. ಅಷ್ಟೇ ಅಲ್ಲದೆ ಅವರು ನಮ್ಮ ಮುಂದಿನ ಪೀಳಿಗೆಗೆ ಮಾದರಿಯಾಗಬೇಕು. ದೇವರಿದ್ದಾರೆ ನಮಗೆ ಎಂಬ ನಂಬಿಕೆಯಿಂದ ಬದುಕೋಣ.
ನಾಳೆ ಷಷ್ಠಿ; ಸಿದ್ದಲಿಂಗಪುರ ಬಳಿಯ ಸುಬ್ರಹ್ಮಣ್ಯೇಶ್ವರ
ಸ್ವಾಮಿ ದೇವಸ್ಥಾನದಲ್ಲಿ ಅದ್ದೂರಿ ರಥೋತ್ಸವ
ಸಾವಿರಾರು ಭಕ್ತರು ಆಗಮಿಸುವ ನಿರೀಕ್ಷೆ	ಹೊಸದಾಗಿ ನಿರ್ಮಿಸಿರುವ ದೇವಸ್ಥಾನದಲ್ಲಿ ಸುರಕ್ಷತೆಗೆ ಆದ್ಯತೆ
ಸಿದ್ದಲಿಂಗಪುರದ ಶ್ರೀ ಸುಬ್ರಹ್ಮಣ್ಯೇಶ್ವರ ಸ್ವಾಮಿ ದೇವಾಲಯದಲ್ಲಿ ಜೀರ್ಣೋದ್ಧಾರಗೊಂಡ ದೇವಾಲಯದ ಗರ್ಭಗುಡಿಗೆ ಅರ್ಚಕ ಎಂ.ವಿ.ಸುಬ್ರಹ್ಮಣ್ಯ ಜೋಯಿಸ್ ಸಂಪ್ರದಾಯದಂತೆ ಪೂಜೆ ಸಲ್ಲಿಸುತ್ತಿರುವುದು. ಬಲ ಚಿತ್ರದಲ್ಲಿ ಷಷ್ಠಿ ಜಾತ್ರೆಗೆ ಸಕಲ ಸಿದ್ಧತೆ ಮಾಡಿಕೊಳ್ಳಲಾಗುತ್ತಿರುವುದು.
ಆದ್ಯಿಯೇ ನೀಡಲಾಗುವುದು. ಗರ್ಭಗುಡಿ ಮುಂದೆ ಹೋದವರಿಗೆ ತೀರ್ಥ ಪ್ರಸಾದ ವಿನಿಯೋಗ ಮಾಡಲಾಗುವುದು. ಪ್ರಸಾದ ಹಂಚಿಕೆಯ ಹೊಣೆಯನ್ನು ಸ್ಥಳೀಯ ಸ್ವಯಂಸೇವಕರಿಗೆ ವಹಿಸಲಾಗಿದೆ. ಈ ಹಿನ್ನೆಲೆಯಲ್ಲಿ ಅಲಂಕಾರಕ್ಕೆ ಬಳಸುವ ಹೂವಿನ ಹಾರಗಳನ್ನು ಸಹ ಸಿದ್ಧಪಡಿಸಲಾಗುತ್ತಿದೆ. ಸುಬ್ರಹ್ಮಣ್ಯೇಶ್ವರ ಸ್ವಾಮಿ ದೇವಾಲಯದಲ್ಲಿ ಎಂದಿನಂತೆ ಧರ್ಮದರ್ಶನ ಹಾಗೂ ಟಿಕೆಟ್ ಪಡೆದು ವಿಶೇಷ ದರ್ಶನ ಪಡೆಯಲು ಅವಕಾಶ ಕಲ್ಪಿಸಲಾಗಿದೆ. ಭಕ್ತರ ಸುರಕ್ಷತೆಗಾಗಿ ಸಿಸಿ ಕ್ಯಾಮರಾ ಅಳವಡಿಸಲಾಗಿದ್ದು ಪೊಲೀಸ್ ಬಂದೋಬಸ್ತ್ ಮಾಡಲಾಗಿದೆ. ವಾಹನ ನಿಲುಗಡೆಗೆ ಪ್ರತ್ಯೇಕ ಸ್ಥಳ ನಿಗದಿಪಡಿಸಲಾಗಿದ್ದು ಸಂಚಾರ ದಟ್ಟಣೆ ತಪ್ಪಿಸಲು ಮಾರ್ಗ ಬದಲಾವಣೆ ಮಾಡಲಾಗಿದೆ. ಮೈಸೂರು-ಬೆಂಗಳೂರು ರಸ್ತೆಯ ಸರ್ವೀಸ್ ರಸ್ತೆಯಲ್ಲಿ ವಾಹನ ಸಂಚಾರ ಬಂದ್ ಮಾಡಲಾಗಿದ್ದು ಎಕ್ಸ್‌ಪ್ರೆಸ್ ವೇನಲ್ಲಿ ಸಂಚರಿಸುವಂತೆ ಸೂಚಿಸಲಾಗಿದೆ. ನಾಗರಾಜ ಹಾಗೂ ಕಳೆದ ಬಾರಿ ಭಕ್ತರು ವಾಹನಗಳಲ್ಲಿ ಹೋಗುವುದನ್ನು ತಪ್ಪಿಸಲು ಈ ಕ್ರಮ ಕೈಗೊಳ್ಳಲಾಗಿದೆ. ತುರ್ತು ಚಿಕಿತ್ಸೆಗಾಗಿ ಆಂಬ್ಯುಲೆನ್ಸ್ ಹಾಗೂ ವೈದ್ಯಕೀಯ ತಂಡ ನಿಯೋಜಿಸಲಾಗಿದೆ. ಕುಡಿಯುವ ನೀರು ಹಾಗೂ ಶೌಚಾಲಯ ವ್ಯವಸ್ಥೆ ಕಲ್ಪಿಸಲಾಗಿದೆ. ಅನುಮತಿ ಕಡ್ಡಾಯ: ಷಷ್ಠಿ ಅಂಗವಾಗಿ ಜಾತ್ರೆ ಸಮೀಪದಲ್ಲಿ ಅಂಗಡಿ ಮಳಿಗೆಗಳನ್ನು ತೆರೆಯಲು ಗ್ರಾಮ ಪಂಚಾಯಿತಿ ಅನುಮತಿ ಕಡ್ಡಾಯ. ನಂದಿನಿ: ಈ ದೇವಾಲಯದಲ್ಲಿ ಪೂಜೆ ಸಲ್ಲಿಸಿ ಬಳಿಕ ಭಕ್ತರು ರಥ ಎಳೆದು ಸಂಭ್ರಮಿಸುತ್ತಾರೆ.
ಮೈಸೂರು, ಡಿ.5(ಎಂಟಿವೈ)– ಮೈಸೂರು–ಬೆಂಗಳೂರು ಹೆದ್ದಾರಿಯ ಸಿದ್ದಲಿಂಗಪುರ ಬಳಿಯ ಮುಖ್ಯರಸ್ತೆಯ ಪಕ್ಕದಲ್ಲಿ ಶ್ರೀ ಸುಬ್ರಹ್ಮಣ್ಯೇಶ್ವರ ಸ್ವಾಮಿ ದೇವಾಲಯದಲ್ಲಿ ಡಿ.7ರಂದು ಶ್ರೀ ಷಷ್ಠಿ ಸುಬ್ರಹ್ಮಣ್ಯೇಶ್ವರ ಸ್ವಾಮಿ ರಥೋತ್ಸವ ಅದ್ದೂರಿಯಾಗಿ ನಡೆಯಲಿದೆ. ಲಕ್ಷಾಂತರ ಭಕ್ತರು ಭಾಗವಹಿಸುವ ನಿರೀಕ್ಷೆ ಇದ್ದು ಸಕಲ ಸಿದ್ಧತೆ ಮಾಡಿಕೊಳ್ಳಲಾಗಿದೆ. ಜಾತ್ರೆಯ ಹಿನ್ನೆಲೆಯಲ್ಲಿ ಡಿ.6ರ ಸಂಜೆಯಿಂದಲೇ ವಿಶೇಷ ಪೂಜೆ, ಹೋಮ, ಹವನ ಕಾರ್ಯಕ್ರಮಗಳು ನಡೆಯಲಿವೆ. ಮೈಸೂರು ಭಾಗದಲ್ಲಿ ಷಷ್ಠಿ ಜಾತ್ರೆಯೆಂದರೆ ಮೊದಲು ನೆನಪಾಗುವುದೇ ಸಿದ್ದಲಿಂಗಪುರ. ಇಲ್ಲಿ ಪ್ರತಿ ವರ್ಷ ಷಷ್ಠಿಯಂದು ಸಾವಿರಾರು ಭಕ್ತರು ಆಗಮಿಸಿ ದೇವರ ದರ್ಶನ ಪಡೆದು ಹರಕೆ ತೀರಿಸುತ್ತಾರೆ. ನಾಗರಪ್ರತಿಷ್ಠೆ, ಹುತ್ತಕ್ಕೆ ಹಾಲೆರೆಯುವುದು ಇಲ್ಲಿನ ವಿಶೇಷ.
ಈ ಹಿನ್ನೆಲೆಯಲ್ಲಿ ಡಿ.7ರಂದು ನಡೆಯುವ ಜಾತ್ರೆಗೆ ಸುಬ್ರಹ್ಮಣ್ಯೇಶ್ವರ ಸ್ವಾಮಿ ದೇವಾಲಯ ಸಮಿತಿ ಹಾಗೂ ಮುಜರಾಯಿ ಇಲಾಖೆ ಜಂಟಿಯಾಗಿ ಸಿದ್ಧತೆ ಕೈಗೊಂಡಿವೆ. ದೇವಾಲಯವನ್ನು ಹೊಸದಾಗಿ ಜೀರ್ಣೋದ್ಧಾರ ಮಾಡಲಾಗಿದ್ದು ಇದೇ ಮೊದಲ ಬಾರಿಗೆ ನೂತನ ದೇವಾಲಯದಲ್ಲಿ ಜಾತ್ರೆ ನಡೆಯುತ್ತಿದೆ. ಭಕ್ತರಿಗೆ ಯಾವುದೇ ತೊಂದರೆಯಾಗದಂತೆ ಬ್ಯಾರಿಕೇಡ್ ಅಳವಡಿಸಿ ಸರತಿ ಸಾಲಿನಲ್ಲಿ ದರ್ಶನಕ್ಕೆ ವ್ಯವಸ್ಥೆ ಮಾಡಲಾಗಿದೆ. ಮುಂಜಾನೆ 3.30ರಿಂದಲೇ ದರ್ಶನ ಭಾಗ್ಯ: ಶ್ರೀ ಷಷ್ಠಿ ಸುಬ್ರಹ್ಮಣ್ಯೇಶ್ವರ ಸ್ವಾಮಿ ದೇವಾಲಯದಲ್ಲಿ ಮುಂಜಾನೆ 3.30ರಿಂದಲೇ ಅಭಿಷೇಕ ಹಾಗೂ ವಿಶೇಷ ಪೂಜೆ ನಡೆಯಲಿದ್ದು ಭಕ್ತರಿಗೆ ದರ್ಶನಕ್ಕೆ ಅವಕಾಶ ಕಲ್ಪಿಸಲಾಗಿದೆ.
ಪರಿವಾರ ದೇವರುಗಳಿಗೆ ಪೂಜೆ ಸಲ್ಲಿಸಲಾಗುವುದು. ದೇವಾಲಯದ ಸುತ್ತ ಸರತಿ ಸಾಲಿನಲ್ಲಿ ನಿಂತು ದರ್ಶನ ಪಡೆಯಲು ಬ್ಯಾರಿಕೇಡ್ ಅಳವಡಿಸಲಾಗಿದೆ. ಬೆಳಿಗ್ಗೆ 6 ಗಂಟೆಗೆ ಉತ್ಸವ ಮೂರ್ತಿಯನ್ನು ರಥದಲ್ಲಿ ಪ್ರತಿಷ್ಠಾಪಿಸಿ ಮಹಾಮಂಗಳಾರತಿ ನೆರವೇರಿಸಲಾಗುವುದು. ಬಳಿಕ ಶುಭ ಮುಹೂರ್ತದಲ್ಲಿ ರಥೋತ್ಸವ ನಡೆಯಲಿದೆ. ರಾತ್ರಿ 9.30ರವರೆಗೂ ದೇವರ ದರ್ಶನಕ್ಕೆ ಅವಕಾಶವಿರುತ್ತದೆ. ಈ ಬಾರಿ ದೇವಾಲಯ ಗರ್ಭಗುಡಿ ಮುಂದೆ ಕೇವಲ ದರ್ಶನ ಹಾಗೂ ಮಂಗಳಾರತಿ ಮಾತ್ರ ಅವಕಾಶವಿದ್ದು, ದೇವಾಲಯದ ಹಿಂಭಾಗದಲ್ಲಿರುವ ಹುತ್ತಕ್ಕೆ ಹಾಲೆರೆಯಲು ಪ್ರತ್ಯೇಕ ವ್ಯವಸ್ಥೆ ಮಾಡಲಾಗಿದೆ. ಭಕ್ತರು ತರುವ ಹಾಲು, ತುಪ್ಪ, ಹೂವು, ಹಣ್ಣು ಕಾಯಿಗಳನ್ನು ಸಂಗ್ರಹಿಸಲು ಕೌಂಟರ್ ತೆರೆಯಲಾಗಿದೆ.
Printed by T.S. Gopinath, Published by M. Govinde Gowda on behalf of Academy Newspapers Private Limited, 15-C Industrial 'A' Layout, Bannimantap, Mysore-570 015 and Printed at Academy Newspapers Private Limited, 15-C Industrial 'A' Layout, Bannimantap, Mysore-570 015 and Published at 15-C Industrial 'A' Layout, Bannimantap, Mysore-570 015, Editor: M. Govinde Gowda Ph: 2496520 / 2496521 / 2496526 / 2496527 / 2496528. Fax: 0821-2496525. CITY OFFICES: Visweswaraya Building, III Floor, K.R. CIRCLE, MYSORE-570 001, Ph: 2431774 and No. 114, D. DEVARAJ URS ROAD (Opposite Big Bus), MYSORE-570 001. Ph: 2428695. RNI Reg. No. 36581/ 1980 E-mail address: mysoorumithra@gmail.com For advertisements: mysoorumithra@gmail.com
